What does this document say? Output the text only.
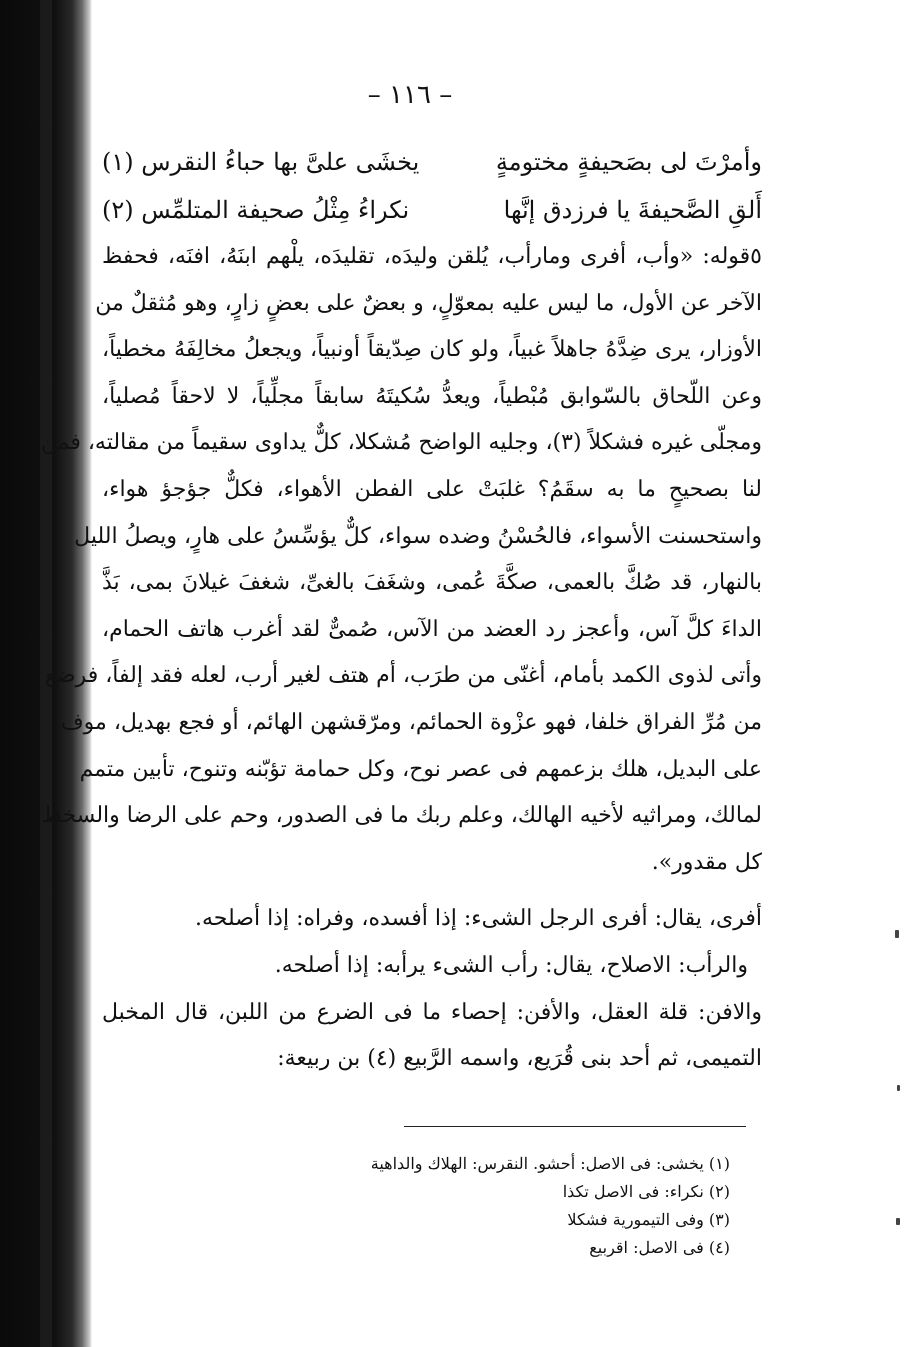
– ١١٦ –
وأمرْتَ لى بصَحيفةٍ مختومةٍ
يخشَى علىَّ بها حباءُ النقرس (١)
أَلقِ الصَّحيفةَ يا فرزدق إنَّها
نكراءُ مِثْلُ صحيفة المتلمِّس (٢)
٥قوله: «وأب، أفرى ومارأب، يُلقن وليدَه، تقليدَه، يلْهم ابنَهُ، افنَه، فحفظ
الآخر عن الأول، ما ليس عليه بمعوّلٍ، و بعضٌ على بعضٍ زارٍ، وهو مُثقلٌ من
الأوزار، يرى ضِدَّهُ جاهلاً غبياً، ولو كان صِدّيقاً أونبياً، ويجعلُ مخالِفَهُ مخطياً،
وعن اللّحاق بالسّوابق مُبْطياً، ويعدُّ سُكيتَهُ سابقاً مجلِّياً، لا لاحقاً مُصلياً،
ومجلّى غيره فشكلاً (٣)، وجليه الواضح مُشكلا، كلٌّ يداوى سقيماً من مقالته، فمن
لنا بصحيحٍ ما به سقَمُ؟ غلبَتْ على الفطن الأهواء، فكلٌّ جؤجؤ هواء،
واستحسنت الأسواء، فالحُسْنُ وضده سواء، كلٌّ يؤسِّسُ على هارٍ، ويصلُ الليل
بالنهار، قد صُكَّ بالعمى، صكَّةَ عُمى، وشغَفَ بالغىِّ، شغفَ غيلانَ بمى، بَذَّ
الداءَ كلَّ آس، وأعجز رد العضد من الآس، صُمىٌّ لقد أغرب هاتف الحمام،
وأتى لذوى الكمد بأمام، أغنّى من طرَب، أم هتف لغير أرب، لعله فقد إلفاً، فرضع
من مُرِّ الفراق خلفا، فهو عزْوة الحمائم، ومرّقشهن الهائم، أو فجع بهديل، موف
على البديل، هلك بزعمهم فى عصر نوح، وكل حمامة تؤبّنه وتنوح، تأبين متمم
لمالك، ومراثيه لأخيه الهالك، وعلم ربك ما فى الصدور، وحم على الرضا والسخط
كل مقدور».
أفرى، يقال: أفرى الرجل الشىء: إذا أفسده، وفراه: إذا أصلحه.
والرأب: الاصلاح، يقال: رأب الشىء يرأبه: إذا أصلحه.
والافن: قلة العقل، والأفن: إحصاء ما فى الضرع من اللبن، قال المخبل
التميمى، ثم أحد بنى قُرَيع، واسمه الرَّبيع (٤) بن ربيعة:
(١) يخشى: فى الاصل: أحشو. النقرس: الهلاك والداهية
(٢) نكراء: فى الاصل تكذا
(٣) وفى التيمورية فشكلا
(٤) فى الاصل: اقربيع
